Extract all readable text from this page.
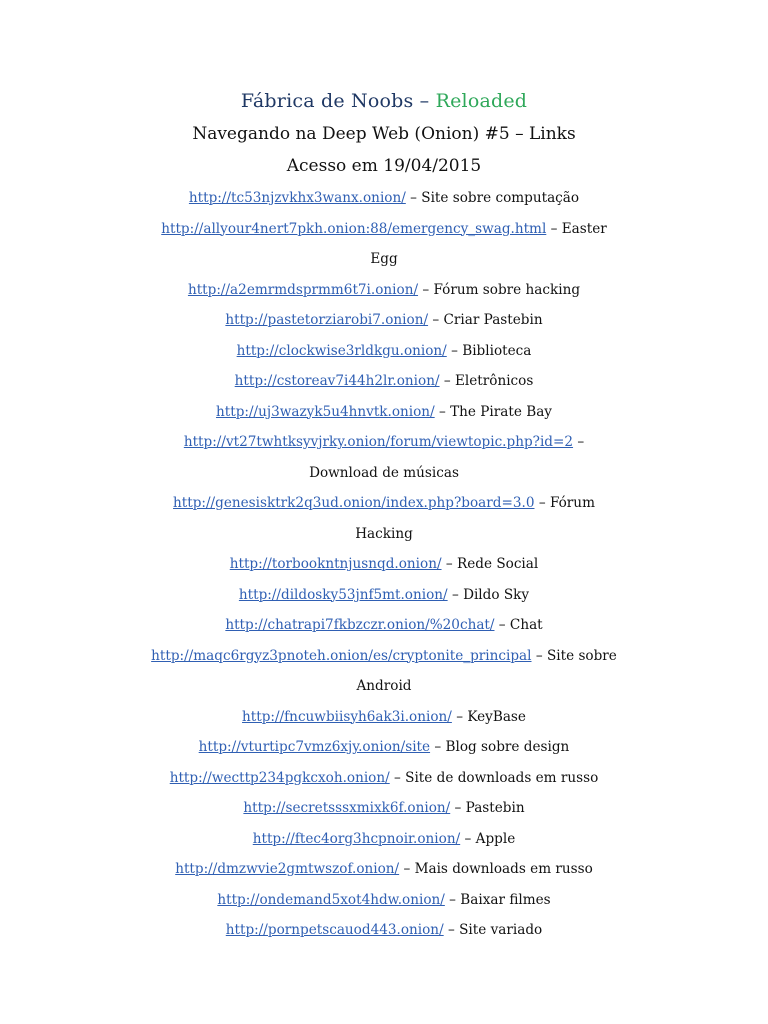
Fábrica de Noobs – Reloaded
Navegando na Deep Web (Onion) #5 – Links
Acesso em 19/04/2015

http://tc53njzvkhx3wanx.onion/ – Site sobre computação

http://allyour4nert7pkh.onion:88/emergency_swag.html – Easter Egg

http://a2emrmdsprmm6t7i.onion/ – Fórum sobre hacking

http://pastetorziarobi7.onion/ – Criar Pastebin

http://clockwise3rldkgu.onion/ – Biblioteca

http://cstoreav7i44h2lr.onion/ – Eletrônicos

http://uj3wazyk5u4hnvtk.onion/ – The Pirate Bay

http://vt27twhtksyvjrky.onion/forum/viewtopic.php?id=2 – Download de músicas

http://genesisktrk2q3ud.onion/index.php?board=3.0 – Fórum Hacking

http://torbookntnjusnqd.onion/ – Rede Social

http://dildosky53jnf5mt.onion/ – Dildo Sky

http://chatrapi7fkbzczr.onion/%20chat/ – Chat

http://maqc6rgyz3pnoteh.onion/es/cryptonite_principal – Site sobre Android

http://fncuwbiisyh6ak3i.onion/ – KeyBase

http://vturtipc7vmz6xjy.onion/site – Blog sobre design

http://wecttp234pgkcxoh.onion/ – Site de downloads em russo

http://secretsssxmixk6f.onion/ – Pastebin

http://ftec4org3hcpnoir.onion/ – Apple

http://dmzwvie2gmtwszof.onion/ – Mais downloads em russo

http://ondemand5xot4hdw.onion/ – Baixar filmes

http://pornpetscauod443.onion/ – Site variado
